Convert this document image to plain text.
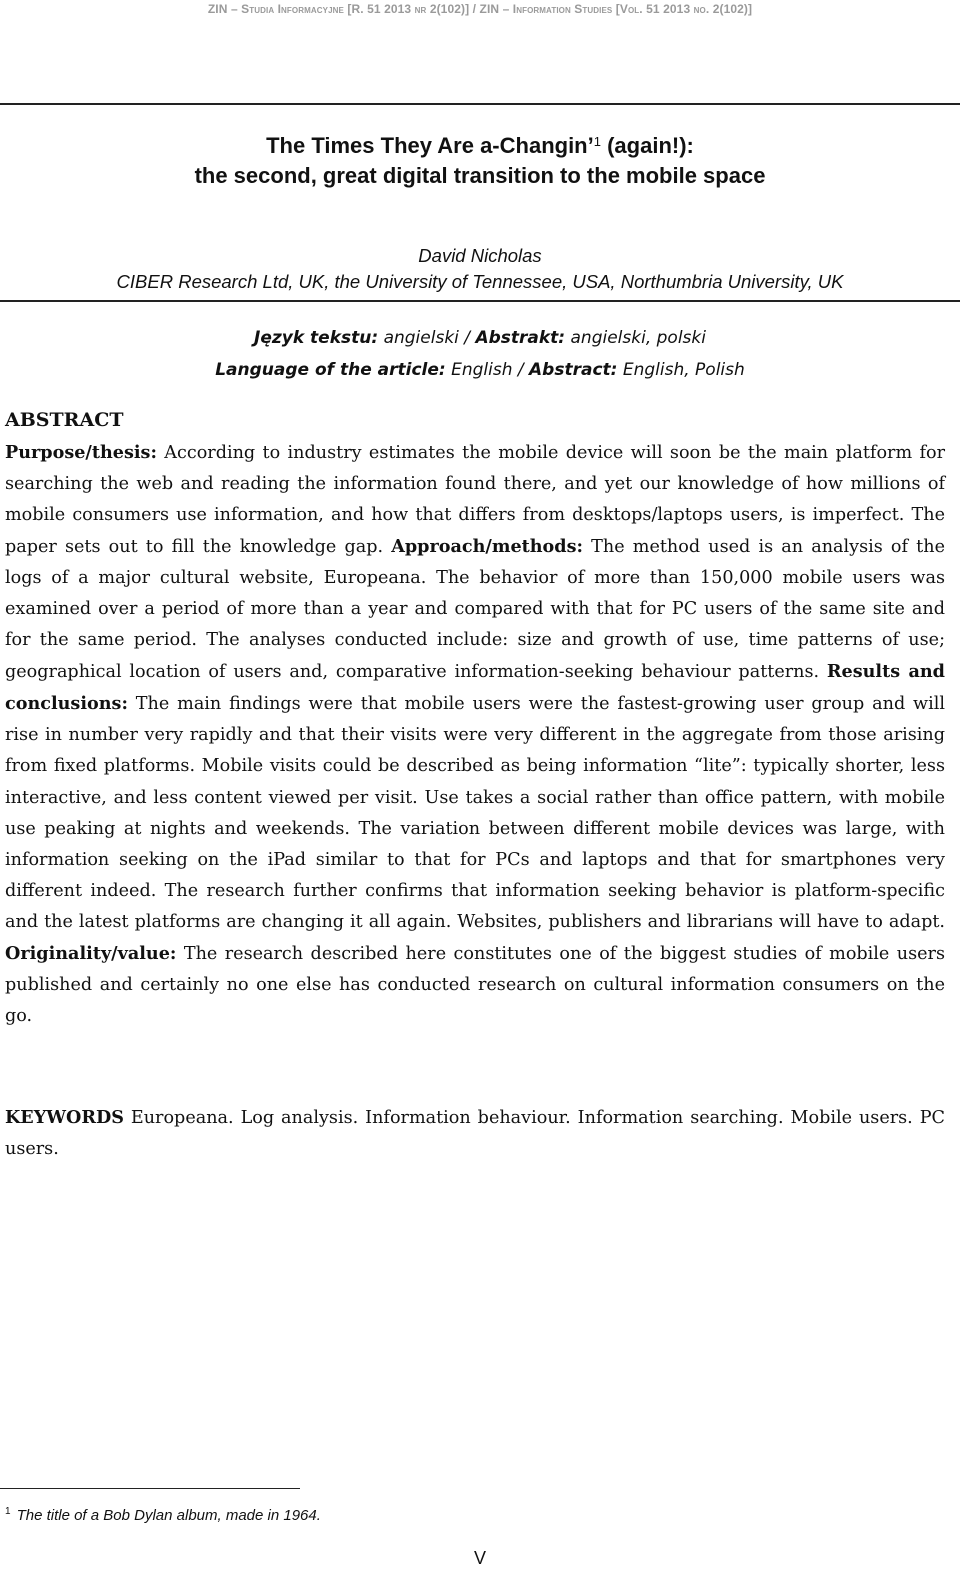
ZIN – Studia Informacyjne [R. 51 2013 nr 2(102)] / ZIN – Information Studies [Vol. 51 2013 no. 2(102)]
The Times They Are a-Changin’$^1$ (again!):
the second, great digital transition to the mobile space
David Nicholas
CIBER Research Ltd, UK, the University of Tennessee, USA, Northumbria University, UK
Język tekstu: angielski / Abstrakt: angielski, polski
Language of the article: English / Abstract: English, Polish
ABSTRACT
Purpose/thesis: According to industry estimates the mobile device will soon be the main platform for searching the web and reading the information found there, and yet our knowledge of how millions of mobile consumers use information, and how that differs from desktops/laptops users, is imperfect. The paper sets out to fill the knowledge gap. Approach/methods: The method used is an analysis of the logs of a major cultural website, Europeana. The behavior of more than 150,000 mobile users was examined over a period of more than a year and compared with that for PC users of the same site and for the same period. The analyses conducted include: size and growth of use, time patterns of use; geographical location of users and, comparative information-seeking behaviour patterns. Results and conclusions: The main findings were that mobile users were the fastest-growing user group and will rise in number very rapidly and that their visits were very different in the aggregate from those arising from fixed platforms. Mobile visits could be described as being information “lite”: typically shorter, less interactive, and less content viewed per visit. Use takes a social rather than office pattern, with mobile use peaking at nights and weekends. The variation between different mobile devices was large, with information seeking on the iPad similar to that for PCs and laptops and that for smartphones very different indeed. The research further confirms that information seeking behavior is platform-specific and the latest platforms are changing it all again. Websites, publishers and librarians will have to adapt. Originality/value: The research described here constitutes one of the biggest studies of mobile users published and certainly no one else has conducted research on cultural information consumers on the go.
KEYWORDS Europeana. Log analysis. Information behaviour. Information searching. Mobile users. PC users.
$^1$ The title of a Bob Dylan album, made in 1964.
V
